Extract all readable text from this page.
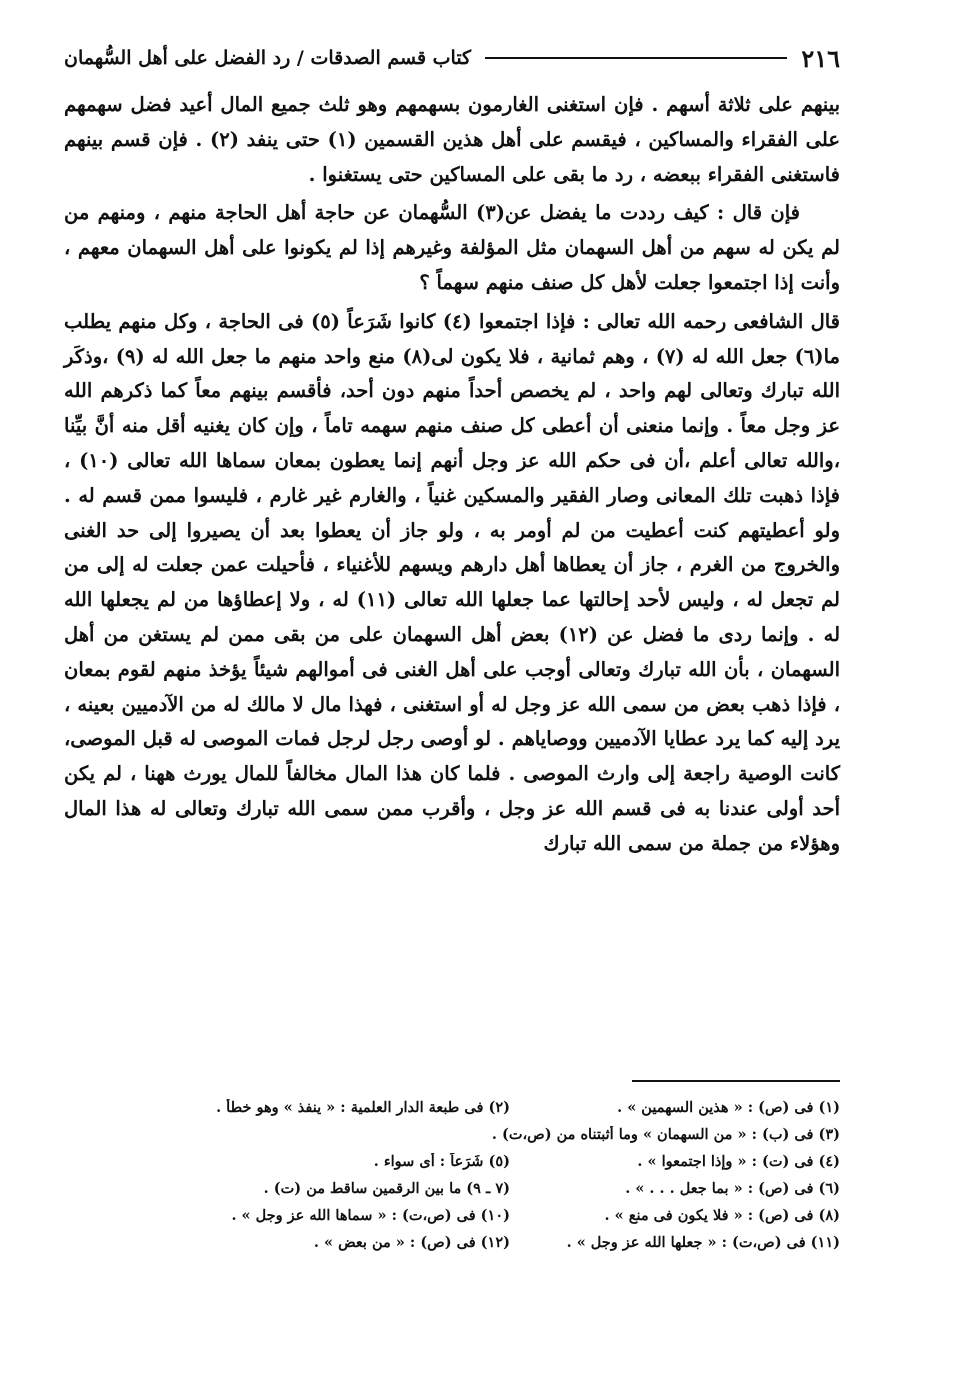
٢١٦
كتاب قسم الصدقات / رد الفضل على أهل السُّهمان

بينهم على ثلاثة أسهم . فإن استغنى الغارمون بسهمهم وهو ثلث جميع المال أعيد فضل سهمهم على الفقراء والمساكين ، فيقسم على أهل هذين القسمين (١) حتى ينفد (٢) . فإن قسم بينهم فاستغنى الفقراء ببعضه ، رد ما بقى على المساكين حتى يستغنوا .

فإن قال : كيف رددت ما يفضل عن(٣) السُّهمان عن حاجة أهل الحاجة منهم ، ومنهم من لم يكن له سهم من أهل السهمان مثل المؤلفة وغيرهم إذا لم يكونوا على أهل السهمان معهم ، وأنت إذا اجتمعوا جعلت لأهل كل صنف منهم سهماً ؟

قال الشافعى رحمه الله تعالى : فإذا اجتمعوا (٤) كانوا شَرَعاً (٥) فى الحاجة ، وكل منهم يطلب ما(٦) جعل الله له (٧) ، وهم ثمانية ، فلا يكون لى(٨) منع واحد منهم ما جعل الله له (٩) ،وذكَر الله تبارك وتعالى لهم واحد ، لم يخصص أحداً منهم دون أحد، فأقسم بينهم معاً كما ذكرهم الله عز وجل معاً . وإنما منعنى أن أعطى كل صنف منهم سهمه تاماً ، وإن كان يغنيه أقل منه أنَّ بيِّنا ،والله تعالى أعلم ،أن فى حكم الله عز وجل أنهم إنما يعطون بمعان سماها الله تعالى (١٠) ، فإذا ذهبت تلك المعانى وصار الفقير والمسكين غنياً ، والغارم غير غارم ، فليسوا ممن قسم له . ولو أعطيتهم كنت أعطيت من لم أومر به ، ولو جاز أن يعطوا بعد أن يصيروا إلى حد الغنى والخروج من الغرم ، جاز أن يعطاها أهل دارهم ويسهم للأغنياء ، فأحيلت عمن جعلت له إلى من لم تجعل له ، وليس لأحد إحالتها عما جعلها الله تعالى (١١) له ، ولا إعطاؤها من لم يجعلها الله له . وإنما ردى ما فضل عن (١٢) بعض أهل السهمان على من بقى ممن لم يستغن من أهل السهمان ، بأن الله تبارك وتعالى أوجب على أهل الغنى فى أموالهم شيئاً يؤخذ منهم لقوم بمعان ، فإذا ذهب بعض من سمى الله عز وجل له أو استغنى ، فهذا مال لا مالك له من الآدميين بعينه ، يرد إليه كما يرد عطايا الآدميين ووصاياهم . لو أوصى رجل لرجل فمات الموصى له قبل الموصى، كانت الوصية راجعة إلى وارث الموصى . فلما كان هذا المال مخالفاً للمال يورث ههنا ، لم يكن أحد أولى عندنا به فى قسم الله عز وجل ، وأقرب ممن سمى الله تبارك وتعالى له هذا المال وهؤلاء من جملة من سمى الله تبارك

(١) فى (ص) : « هذين السهمين » .
(٢) فى طبعة الدار العلمية : « ينفذ » وهو خطأ .
(٣) فى (ب) : « من السهمان » وما أثبتناه من (ص،ت) .
(٤) فى (ت) : « وإذا اجتمعوا » .
(٥) شَرَعاً : أى سواء .
(٦) فى (ص) : « بما جعل . . . » .
(٧ ـ ٩) ما بين الرقمين ساقط من (ت) .
(٨) فى (ص) : « فلا يكون فى منع » .
(١٠) فى (ص،ت) : « سماها الله عز وجل » .
(١١) فى (ص،ت) : « جعلها الله عز وجل » .
(١٢) فى (ص) : « من بعض » .
